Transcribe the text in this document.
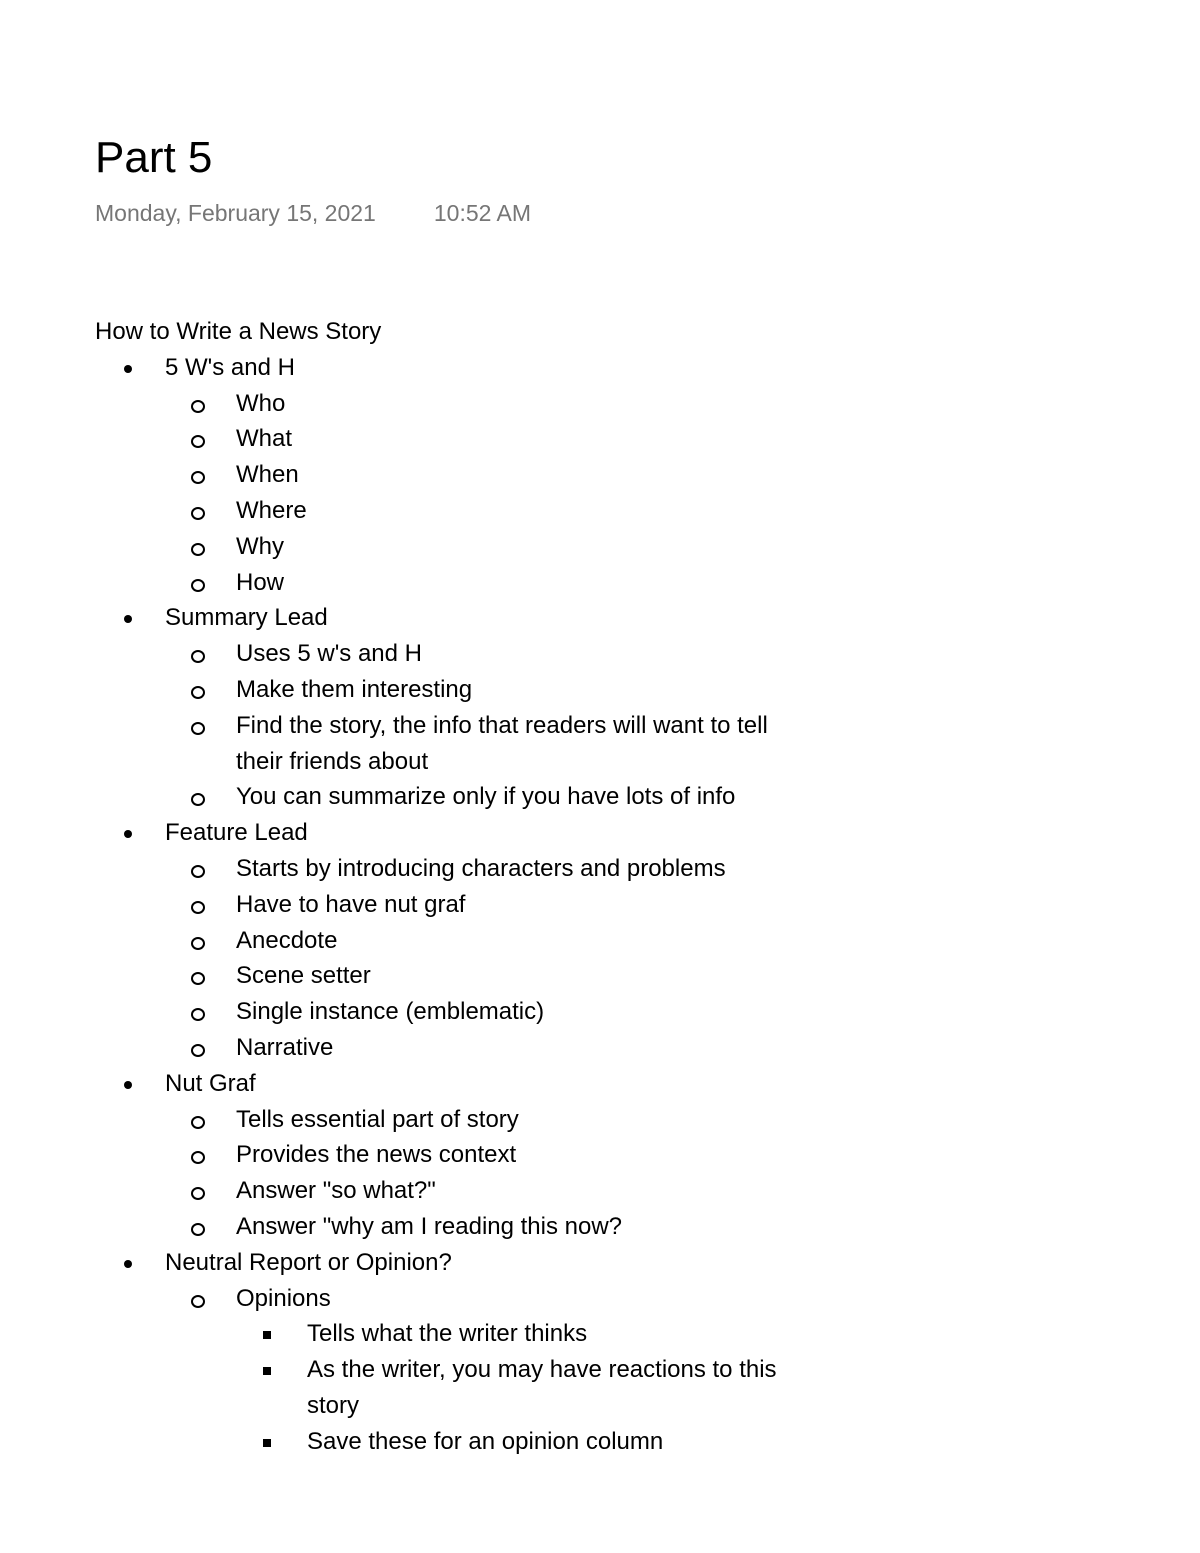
Part 5
Monday, February 15, 2021	10:52 AM
How to Write a News Story
5 W's and H
Who
What
When
Where
Why
How
Summary Lead
Uses 5 w's and H
Make them interesting
Find the story, the info that readers will want to tell their friends about
You can summarize only if you have lots of info
Feature Lead
Starts by introducing characters and problems
Have to have nut graf
Anecdote
Scene setter
Single instance (emblematic)
Narrative
Nut Graf
Tells essential part of story
Provides the news context
Answer "so what?"
Answer "why am I reading this now?
Neutral Report or Opinion?
Opinions
Tells what the writer thinks
As the writer, you may have reactions to this story
Save these for an opinion column
